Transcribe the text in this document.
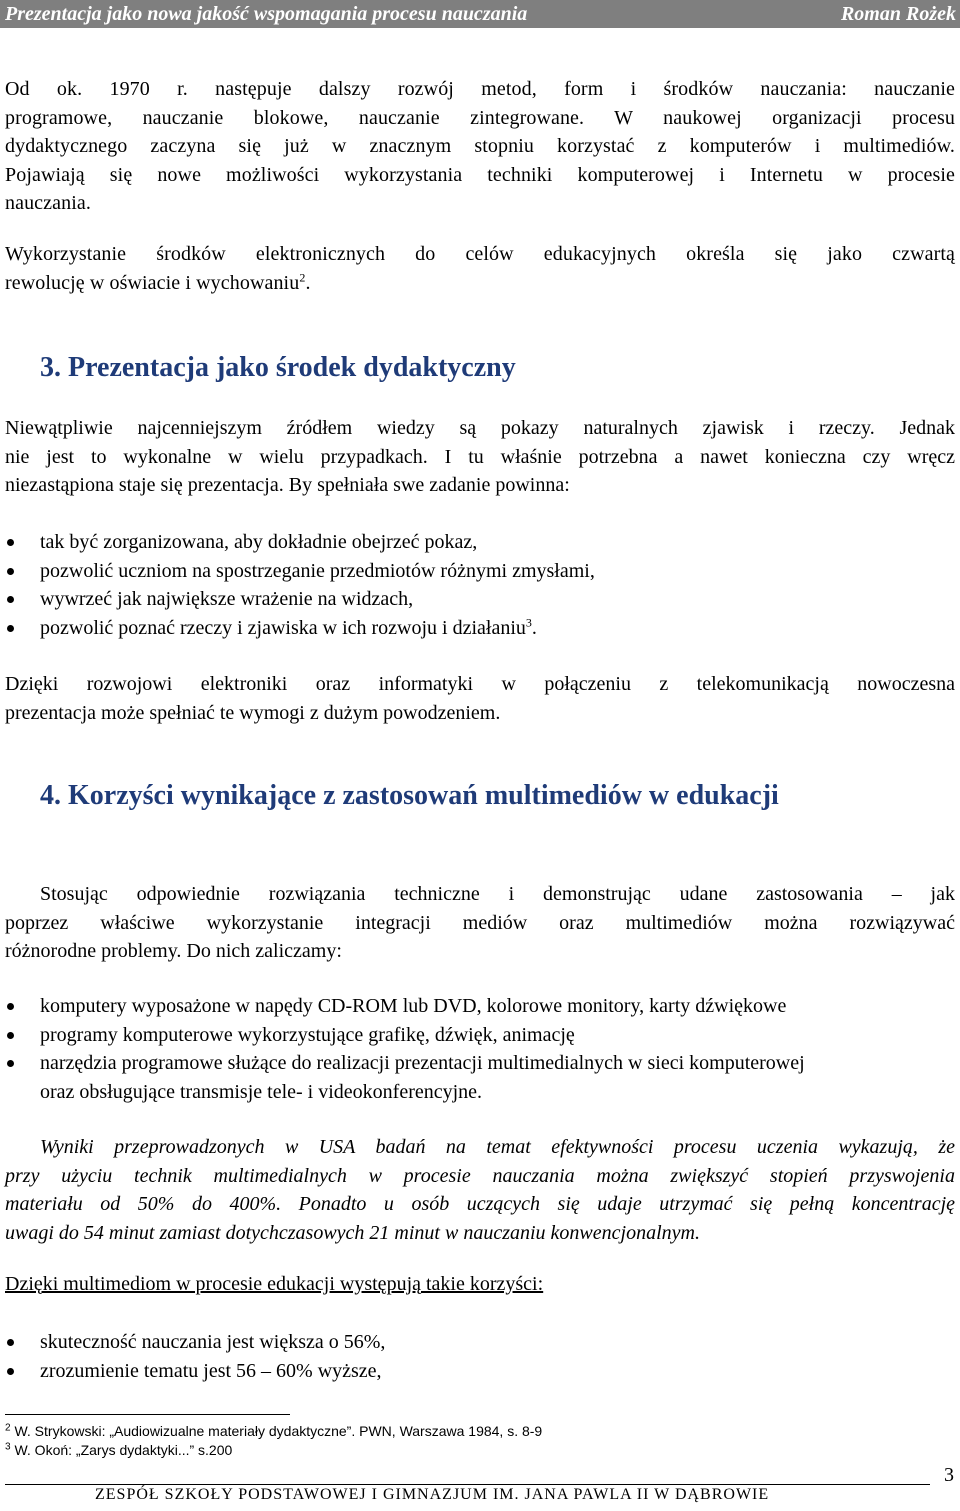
Prezentacja jako nowa jakość wspomagania procesu nauczania	Roman Rożek
Od ok. 1970 r. następuje dalszy rozwój metod, form i środków nauczania: nauczanie
programowe, nauczanie blokowe, nauczanie zintegrowane. W naukowej organizacji procesu
dydaktycznego zaczyna się już w znacznym stopniu korzystać z komputerów i multimediów.
Pojawiają się nowe możliwości wykorzystania techniki komputerowej i Internetu w procesie
nauczania.
Wykorzystanie środków elektronicznych do celów edukacyjnych określa się jako czwartą
rewolucję w oświacie i wychowaniu$^2$.
3. Prezentacja jako środek dydaktyczny
Niewątpliwie najcenniejszym źródłem wiedzy są pokazy naturalnych zjawisk i rzeczy. Jednak
nie jest to wykonalne w wielu przypadkach. I tu właśnie potrzebna a nawet konieczna czy wręcz
niezastąpiona staje się prezentacja. By spełniała swe zadanie powinna:
tak być zorganizowana, aby dokładnie obejrzeć pokaz,
pozwolić uczniom na spostrzeganie przedmiotów różnymi zmysłami,
wywrzeć jak największe wrażenie na widzach,
pozwolić poznać rzeczy i zjawiska w ich rozwoju i działaniu$^3$.
Dzięki rozwojowi elektroniki oraz informatyki w połączeniu z telekomunikacją nowoczesna
prezentacja może spełniać te wymogi z dużym powodzeniem.
4. Korzyści wynikające z zastosowań multimediów w edukacji
Stosując odpowiednie rozwiązania techniczne i demonstrując udane zastosowania – jak
poprzez właściwe wykorzystanie integracji mediów oraz multimediów można rozwiązywać
różnorodne problemy. Do nich zaliczamy:
komputery wyposażone w napędy CD-ROM lub DVD, kolorowe monitory, karty dźwiękowe
programy komputerowe wykorzystujące grafikę, dźwięk, animację
narzędzia programowe służące do realizacji prezentacji multimedialnych w sieci komputerowej
oraz obsługujące transmisje tele- i videokonferencyjne.
Wyniki przeprowadzonych w USA badań na temat efektywności procesu uczenia wykazują, że
przy użyciu technik multimedialnych w procesie nauczania można zwiększyć stopień przyswojenia
materiału od 50% do 400%. Ponadto u osób uczących się udaje utrzymać się pełną koncentrację
uwagi do 54 minut zamiast dotychczasowych 21 minut w nauczaniu konwencjonalnym.
Dzięki multimediom w procesie edukacji występują takie korzyści:
skuteczność nauczania jest większa o 56%,
zrozumienie tematu jest 56 – 60% wyższe,
$^2$ W. Strykowski: „Audiowizualne materiały dydaktyczne”. PWN, Warszawa 1984, s. 8-9
$^3$ W. Okoń: „Zarys dydaktyki...” s.200
3
ZESPÓŁ SZKOŁY PODSTAWOWEJ I GIMNAZJUM IM. JANA PAWLA II W DĄBROWIE
